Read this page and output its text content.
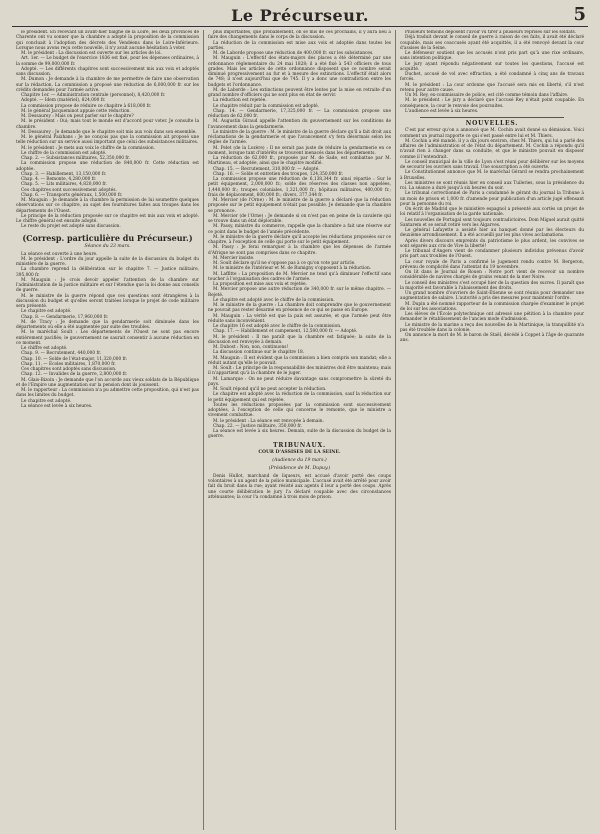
Le Précurseur.	5

le président. En recevant un avant-hier baigné de la Loire, les deux provinces de Charente ont vu sonner que la chambre a adopté la proposition de la commission qui concluait à l'adoption des décrets des Vendéens dans le Loire-Inférieure. Lorsque nous avons reçu cette nouvelle, il n'y avait aucune hésitation à voter.

M. le président : La discussion est ouverte sur les articles de loi.

Art. 1er. — Le budget de l'exercice 1836 est fixé, pour les dépenses ordinaires, à la somme de 99,000,000 fr.

Adopté. — Les différents chapitres sont successivement mis aux voix et adoptés sans discussion.

M. Dumon : Je demande à la chambre de me permettre de faire une observation sur la rédaction. La commission a proposé une réduction de 6,000,000 fr. sur les crédits demandés pour l'armée active.

Chapitre 1er. — Administration centrale (personnel), 8,420,000 fr.

Adopté. — Idem (matériel), 824,000 fr.

La commission propose de réduire ce chapitre à 618,000 fr.

M. le général Jacqueminot appuie cette réduction.

M. Dessaurey : Mais on peut parler sur le chapitre?

M. le président : Oui; mais tout le monde est d'accord pour voter. Je consulte la chambre.

M. Dessaurey : Je demande que le chapitre soit mis aux voix dans son ensemble.

M. le général Paixhans : Je ne conçois pas que la commission ait proposé une telle réduction sur un service aussi important que celui des subsistances militaires.

M. le président : Je mets aux voix le chiffre de la commission.

Le chiffre de la commission est adopté.

Chap. 2. — Subsistances militaires, 52,350,000 fr.

La commission propose une réduction de 840,000 fr. Cette réduction est adoptée.

Chap. 3. — Habillement, 13,150,000 fr.

Chap. 4. — Remonte, 4,280,000 fr.

Chap. 5. — Lits militaires, 4,820,000 fr.

Ces chapitres sont successivement adoptés.

Chap. 6. — Transports généraux, 1,500,000 fr.

M. Mauguin : Je demande à la chambre la permission de lui soumettre quelques observations sur ce chapitre, au sujet des fournitures faites aux troupes dans les départements de l'Ouest.

Le principe de la réduction proposée sur ce chapitre est mis aux voix et adopté. Le chiffre général est ensuite adopté.

Le reste du projet est adopté sans discussion.

(Corresp. particulière du Précurseur.)
Séance du 23 mars.

La séance est ouverte à une heure.

M. le président : L'ordre du jour appelle la suite de la discussion du budget du ministère de la guerre.

La chambre reprend la délibération sur le chapitre 7. — Justice militaire, 395,000 fr.

M. Mauguin : Je crois devoir appeler l'attention de la chambre sur l'administration de la justice militaire et sur l'étendue que la loi donne aux conseils de guerre.

M. le ministre de la guerre répond que ces questions sont étrangères à la discussion du budget et qu'elles seront traitées lorsque le projet de code militaire sera présenté.

Le chapitre est adopté.

Chap. 8. — Gendarmerie, 17,960,000 fr.

M. de Tracy : Je demande que la gendarmerie soit diminuée dans les départements où elle a été augmentée par suite des troubles.

M. le maréchal Soult : Les départements de l'Ouest ne sont pas encore entièrement pacifiés; le gouvernement ne saurait consentir à aucune réduction en ce moment.

Le chiffre est adopté.

Chap. 9. — Recrutement, 440,000 fr.

Chap. 10. — Solde de l'état-major, 11,320,000 fr.

Chap. 11. — Écoles militaires, 1,870,000 fr.

Ces chapitres sont adoptés sans discussion.

Chap. 12. — Invalides de la guerre, 2,800,000 fr.

M. Glais-Bizoin : Je demande que l'on accorde aux vieux soldats de la République et de l'Empire une augmentation sur la pension dont ils jouissent.

M. le rapporteur : La commission n'a pu admettre cette proposition, qui n'est pas dans les limites du budget.

Le chapitre est adopté.

La séance est levée à six heures.

plus importantes, que probablement, on se mis de ces prochains, il y aura lieu à faire des changements dans le corps de la discussion.

La réduction de la commission est mise aux voix et adoptée dans toutes les parties.

M. de Laborde propose une réduction de 400,000 fr. sur les subsistances.

M. Mauguin : L'effectif des états-majors des places a été déterminé par une ordonnance réglementaire du 24 mai 1828; il a été fixé à 543 officiers de tous grades. Mais les articles de cette ordonnance disposent que ce nombre serait diminué progressivement au fur et à mesure des extinctions. L'effectif était alors de 748; il n'est aujourd'hui que de 745. Il y a donc une contradiction entre les budgets et l'ordonnance.

M. de Laborde : Les extinctions peuvent être lentes par la mise en retraite d'un grand nombre d'officiers qui ne sont plus en état de servir.

La réduction est rejetée.

Le chapitre réduit par la commission est adopté.

Chap. 14. — Gendarmerie, 17,325,000 fr. — La commission propose une réduction de 62,000 fr.

M. Augustin Giraud appelle l'attention du gouvernement sur les conditions de l'avancement dans la gendarmerie.

Le ministre de la guerre : M. le ministre de la guerre déclare qu'il a fait droit aux réclamations de la gendarmerie et que l'avancement s'y fera désormais selon les règles de l'armée.

M. Pelet (de la Lozère) : Il ne serait pas juste de réduire la gendarmerie en ce moment, lorsque tant d'intérêts se trouvent menacés dans les départements.

La réduction de 62,000 fr., proposée par M. de Sade, est combattue par M. Martineau, et adoptée, ainsi que le chapitre modifié.

Chap. 15. — Recrutement, 310,000 fr. — Adopté.

Chap. 16. — Solde et entretien des troupes, 124,350,000 fr.

La commission propose une réduction de 6,138,344 fr. ainsi répartie : Sur le petit équipement, 2,000,000 fr.; solde des réserves des classes non appelées, 1,440,000 fr.; troupes coloniales, 1,321,000 fr.; hôpitaux militaires, 400,000 fr.; frais de déplacement, 600,000 fr.; divers, 377,344 fr.

M. Mercier (de l'Orne) : M. le ministre de la guerre a déclaré que la réduction proposée sur le petit équipement n'était pas possible. Je demande que la chambre se prononce.

M. Mercier (de l'Orne) : Je demande si on n'est pas en peine de la cavalerie qui se trouve dans un état déplorable.

M. Passy, ministre du commerce, rappelle que la chambre a fait une réserve sur ce point dans le budget de l'année précédente.

M. le ministre de la guerre déclare qu'il accepte les réductions proposées sur ce chapitre, à l'exception de celle qui porte sur le petit équipement.

M. Passy : Je ferai remarquer à la chambre que les dépenses de l'armée d'Afrique ne sont pas comprises dans ce chapitre.

M. Mercier insiste.

M. Soult déclare qu'il ne s'oppose pas à ce qu'on vote par article.

M. le ministre de l'intérieur et M. de Rumigny s'opposent à la réduction.

M. Laffitte : La proposition de M. Mercier ne tend qu'à diminuer l'effectif sans toucher à l'organisation des cadres de l'armée.

La proposition est mise aux voix et rejetée.

M. Mercier propose une autre réduction de 340,000 fr. sur le même chapitre. — Rejeté.

Le chapitre est adopté avec le chiffre de la commission.

M. le ministre de la guerre : La chambre doit comprendre que le gouvernement ne pouvait pas rester désarmé en présence de ce qui se passe en Europe.

M. Mauguin : La vérité est que la paix est assurée, et que l'armée peut être réduite sans inconvénient.

Le chapitre 16 est adopté avec le chiffre de la commission.

Chap. 17. — Habillement et campement, 12,500,000 fr. — Adopté.

M. le président : Il me paraît que la chambre est fatiguée; la suite de la discussion est renvoyée à demain.

M. Dubost : Non, non, continuons!

La discussion continue sur le chapitre 18.

M. Mauguin : Il est évident que la commission a bien compris son mandat; elle a réduit autant qu'elle le pouvait.

M. Soult : Le principe de la responsabilité des ministres doit être maintenu; mais il n'appartient qu'à la chambre de le juger.

M. Lamarque : On ne peut réduire davantage sans compromettre la sûreté du pays.

M. Soult répond qu'il ne peut accepter la réduction.

Le chapitre est adopté avec la réduction de la commission, sauf la réduction sur le petit équipement qui est rejetée.

Toutes les réductions proposées par la commission sont successivement adoptées, à l'exception de celle qui concerne le remonte, que le ministre a vivement combattue.

M. le président : La séance est renvoyée à demain.

Chap. 22. — Justice militaire, 350,000 fr.

La séance est levée à six heures. Demain, suite de la discussion du budget de la guerre.

TRIBUNAUX.
COUR D'ASSISES DE LA SEINE.
(Audience du 19 mars.)
(Présidence de M. Dupuy.)

Denis Hullot, marchand de liqueurs, est accusé d'avoir porté des coups volontaires à un agent de la police municipale. L'accusé avait été arrêté pour avoir fait du bruit dans la rue; ayant résisté aux agents il leur a porté des coups. Après une courte délibération le jury l'a déclaré coupable avec des circonstances atténuantes; la cour l'a condamné à trois mois de prison.

Plusieurs témoins déposent l'avoir vu tirer à plusieurs reprises sur les soldats.

Déjà traduit devant le conseil de guerre à raison de ces faits, il avait été déclaré coupable, mais ses coaccusés ayant été acquittés, il a été renvoyé devant la cour d'assises de la Seine.

Le défenseur soutient que les accusés n'ont pris part qu'à une rixe ordinaire, sans intention politique.

Le jury ayant répondu négativement sur toutes les questions, l'accusé est acquitté.

Duchet, accusé de vol avec effraction, a été condamné à cinq ans de travaux forcés.

M. le président : La cour ordonne que l'accusé sera mis en liberté, s'il n'est retenu pour autre cause.

Un M. Rey, ex-commissaire de police, est cité comme témoin dans l'affaire.

M. le président : Le jury a déclaré que l'accusé Rey n'était point coupable. En conséquence, la cour le renvoie des poursuites.

L'audience est levée à six heures.

NOUVELLES.

C'est par erreur qu'on a annoncé que M. Cochin avait donné sa démission. Voici comment un journal rapporte ce qui s'est passé entre lui et M. Thiers.

M. Cochin a été mandé, il y a dix jours environ, chez M. Thiers, qui lui a parlé des affaires de l'administration et de l'état du département. M. Cochin a répondu qu'il n'avait rien à changer dans sa conduite, et que le ministre pouvait en disposer comme il l'entendrait.

Le conseil municipal de la ville de Lyon s'est réuni pour délibérer sur les moyens de secourir les ouvriers sans travail. Une souscription a été ouverte.

Le Constitutionnel annonce que M. le maréchal Gérard se rendra prochainement à Bruxelles.

Les ministres se sont réunis hier en conseil aux Tuileries, sous la présidence du roi. La séance a duré jusqu'à six heures du soir.

Le tribunal correctionnel de Paris a condamné le gérant du journal la Tribune à un mois de prison et 1,000 fr. d'amende pour publication d'un article jugé offensant pour la personne du roi.

On écrit de Madrid que le ministère espagnol a présenté aux cortès un projet de loi relatif à l'organisation de la garde nationale.

Les nouvelles de Portugal sont toujours contradictoires. Dom Miguel aurait quitté Santarem et se serait retiré vers les Algarves.

Le général Lafayette a assisté hier au banquet donné par les électeurs du deuxième arrondissement. Il a été accueilli par les plus vives acclamations.

Après divers discours empreints du patriotisme le plus ardent, les convives se sont séparés aux cris de Vive la liberté!

Le tribunal d'Angers vient de condamner plusieurs individus prévenus d'avoir pris part aux troubles de l'Ouest.

La cour royale de Paris a confirmé le jugement rendu contre M. Bergeron, prévenu de complicité dans l'attentat du 19 novembre.

On lit dans le Journal de Rouen : Notre port vient de recevoir un nombre considérable de navires chargés de grains venant de la mer Noire.

Le conseil des ministres s'est occupé hier de la question des sucres. Il paraît que la majorité est favorable à l'abaissement des droits.

Un grand nombre d'ouvriers de Saint-Étienne se sont réunis pour demander une augmentation de salaire. L'autorité a pris des mesures pour maintenir l'ordre.

M. Dupin a été nommé rapporteur de la commission chargée d'examiner le projet de loi sur les associations.

Les élèves de l'École polytechnique ont adressé une pétition à la chambre pour demander le rétablissement de l'ancien mode d'admission.

Le ministre de la marine a reçu des nouvelles de la Martinique; la tranquillité n'a pas été troublée dans la colonie.

On annonce la mort de M. le baron de Staël, décédé à Coppet à l'âge de quarante ans.
